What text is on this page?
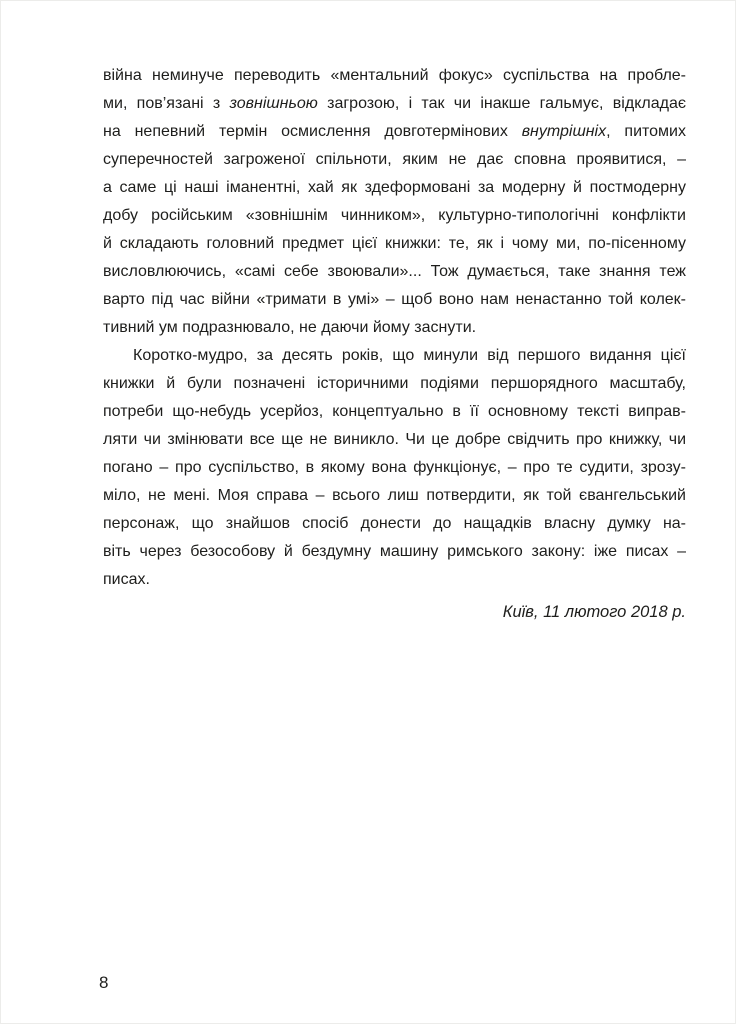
війна неминуче переводить «ментальний фокус» суспільства на пробле-
ми, пов’язані з зовнішньою загрозою, і так чи інакше гальмує, відкладає
на непевний термін осмислення довготермінових внутрішніх, питомих
суперечностей загроженої спільноти, яким не дає сповна проявитися, –
а саме ці наші іманентні, хай як здеформовані за модерну й постмодерну
добу російським «зовнішнім чинником», культурно-типологічні конфлікти
й складають головний предмет цієї книжки: те, як і чому ми, по-пісенному
висловлюючись, «самі себе звоювали»... Тож думається, таке знання теж
варто під час війни «тримати в умі» – щоб воно нам ненастанно той колек-
тивний ум подразнювало, не даючи йому заснути.
Коротко-мудро, за десять років, що минули від першого видання цієї
книжки й були позначені історичними подіями першорядного масштабу,
потреби що-небудь усерйоз, концептуально в її основному тексті виправ-
ляти чи змінювати все ще не виникло. Чи це добре свідчить про книжку, чи
погано – про суспільство, в якому вона функціонує, – про те судити, зрозу-
міло, не мені. Моя справа – всього лиш потвердити, як той євангельський
персонаж, що знайшов спосіб донести до нащадків власну думку на-
віть через безособову й бездумну машину римського закону: іже писах –
писах.
Київ, 11 лютого 2018 р.
8
